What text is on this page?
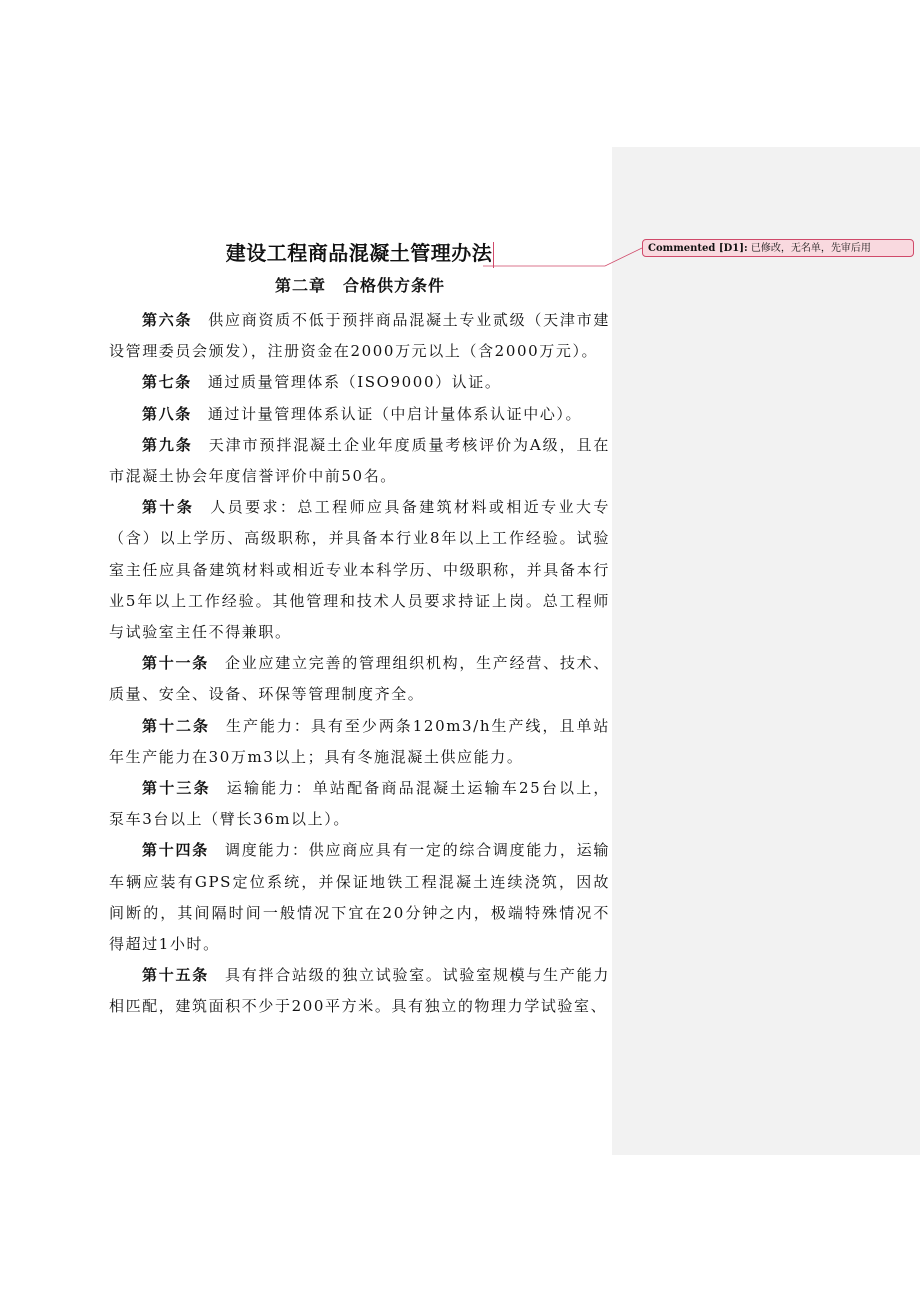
建设工程商品混凝土管理办法
第二章　合格供方条件

第六条 供应商资质不低于预拌商品混凝土专业贰级（天津市建设管理委员会颁发），注册资金在2000万元以上（含2000万元）。

第七条 通过质量管理体系（ISO9000）认证。

第八条 通过计量管理体系认证（中启计量体系认证中心）。

第九条 天津市预拌混凝土企业年度质量考核评价为A级，且在市混凝土协会年度信誉评价中前50名。

第十条 人员要求：总工程师应具备建筑材料或相近专业大专（含）以上学历、高级职称，并具备本行业8年以上工作经验。试验室主任应具备建筑材料或相近专业本科学历、中级职称，并具备本行业5年以上工作经验。其他管理和技术人员要求持证上岗。总工程师与试验室主任不得兼职。

第十一条 企业应建立完善的管理组织机构，生产经营、技术、质量、安全、设备、环保等管理制度齐全。

第十二条 生产能力：具有至少两条120m3/h生产线，且单站年生产能力在30万m3以上；具有冬施混凝土供应能力。

第十三条 运输能力：单站配备商品混凝土运输车25台以上，泵车3台以上（臂长36m以上）。

第十四条 调度能力：供应商应具有一定的综合调度能力，运输车辆应装有GPS定位系统，并保证地铁工程混凝土连续浇筑，因故间断的，其间隔时间一般情况下宜在20分钟之内，极端特殊情况不得超过1小时。

第十五条 具有拌合站级的独立试验室。试验室规模与生产能力相匹配，建筑面积不少于200平方米。具有独立的物理力学试验室、

Commented [D1]: 已修改，无名单，先审后用
